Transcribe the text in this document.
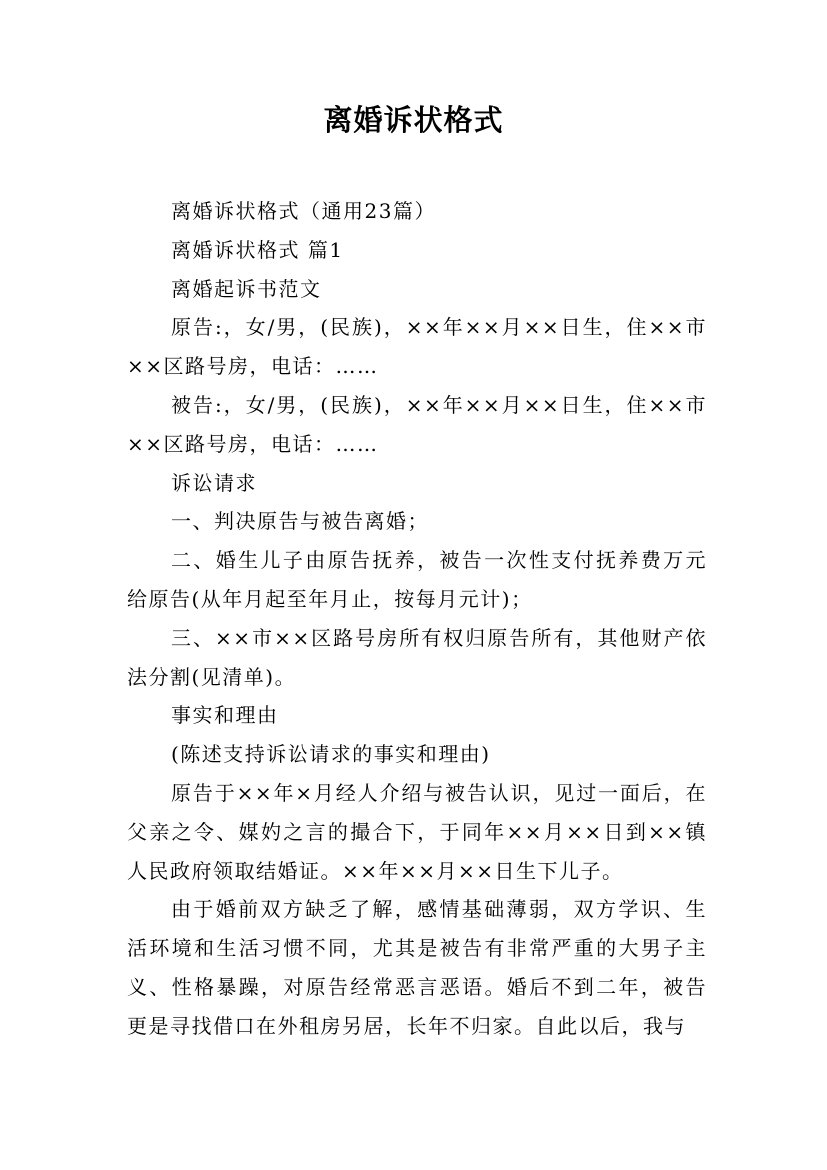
离婚诉状格式

离婚诉状格式（通用23篇）

离婚诉状格式 篇1

离婚起诉书范文

原告:，女/男，(民族)，××年××月××日生，住××市××区路号房，电话：……

被告:，女/男，(民族)，××年××月××日生，住××市××区路号房，电话：……

诉讼请求

一、判决原告与被告离婚；

二、婚生儿子由原告抚养，被告一次性支付抚养费万元给原告(从年月起至年月止，按每月元计)；

三、××市××区路号房所有权归原告所有，其他财产依法分割(见清单)。

事实和理由

(陈述支持诉讼请求的事实和理由)

原告于××年×月经人介绍与被告认识，见过一面后，在父亲之令、媒妁之言的撮合下，于同年××月××日到××镇人民政府领取结婚证。××年××月××日生下儿子。

由于婚前双方缺乏了解，感情基础薄弱，双方学识、生活环境和生活习惯不同，尤其是被告有非常严重的大男子主义、性格暴躁，对原告经常恶言恶语。婚后不到二年，被告更是寻找借口在外租房另居，长年不归家。自此以后，我与
